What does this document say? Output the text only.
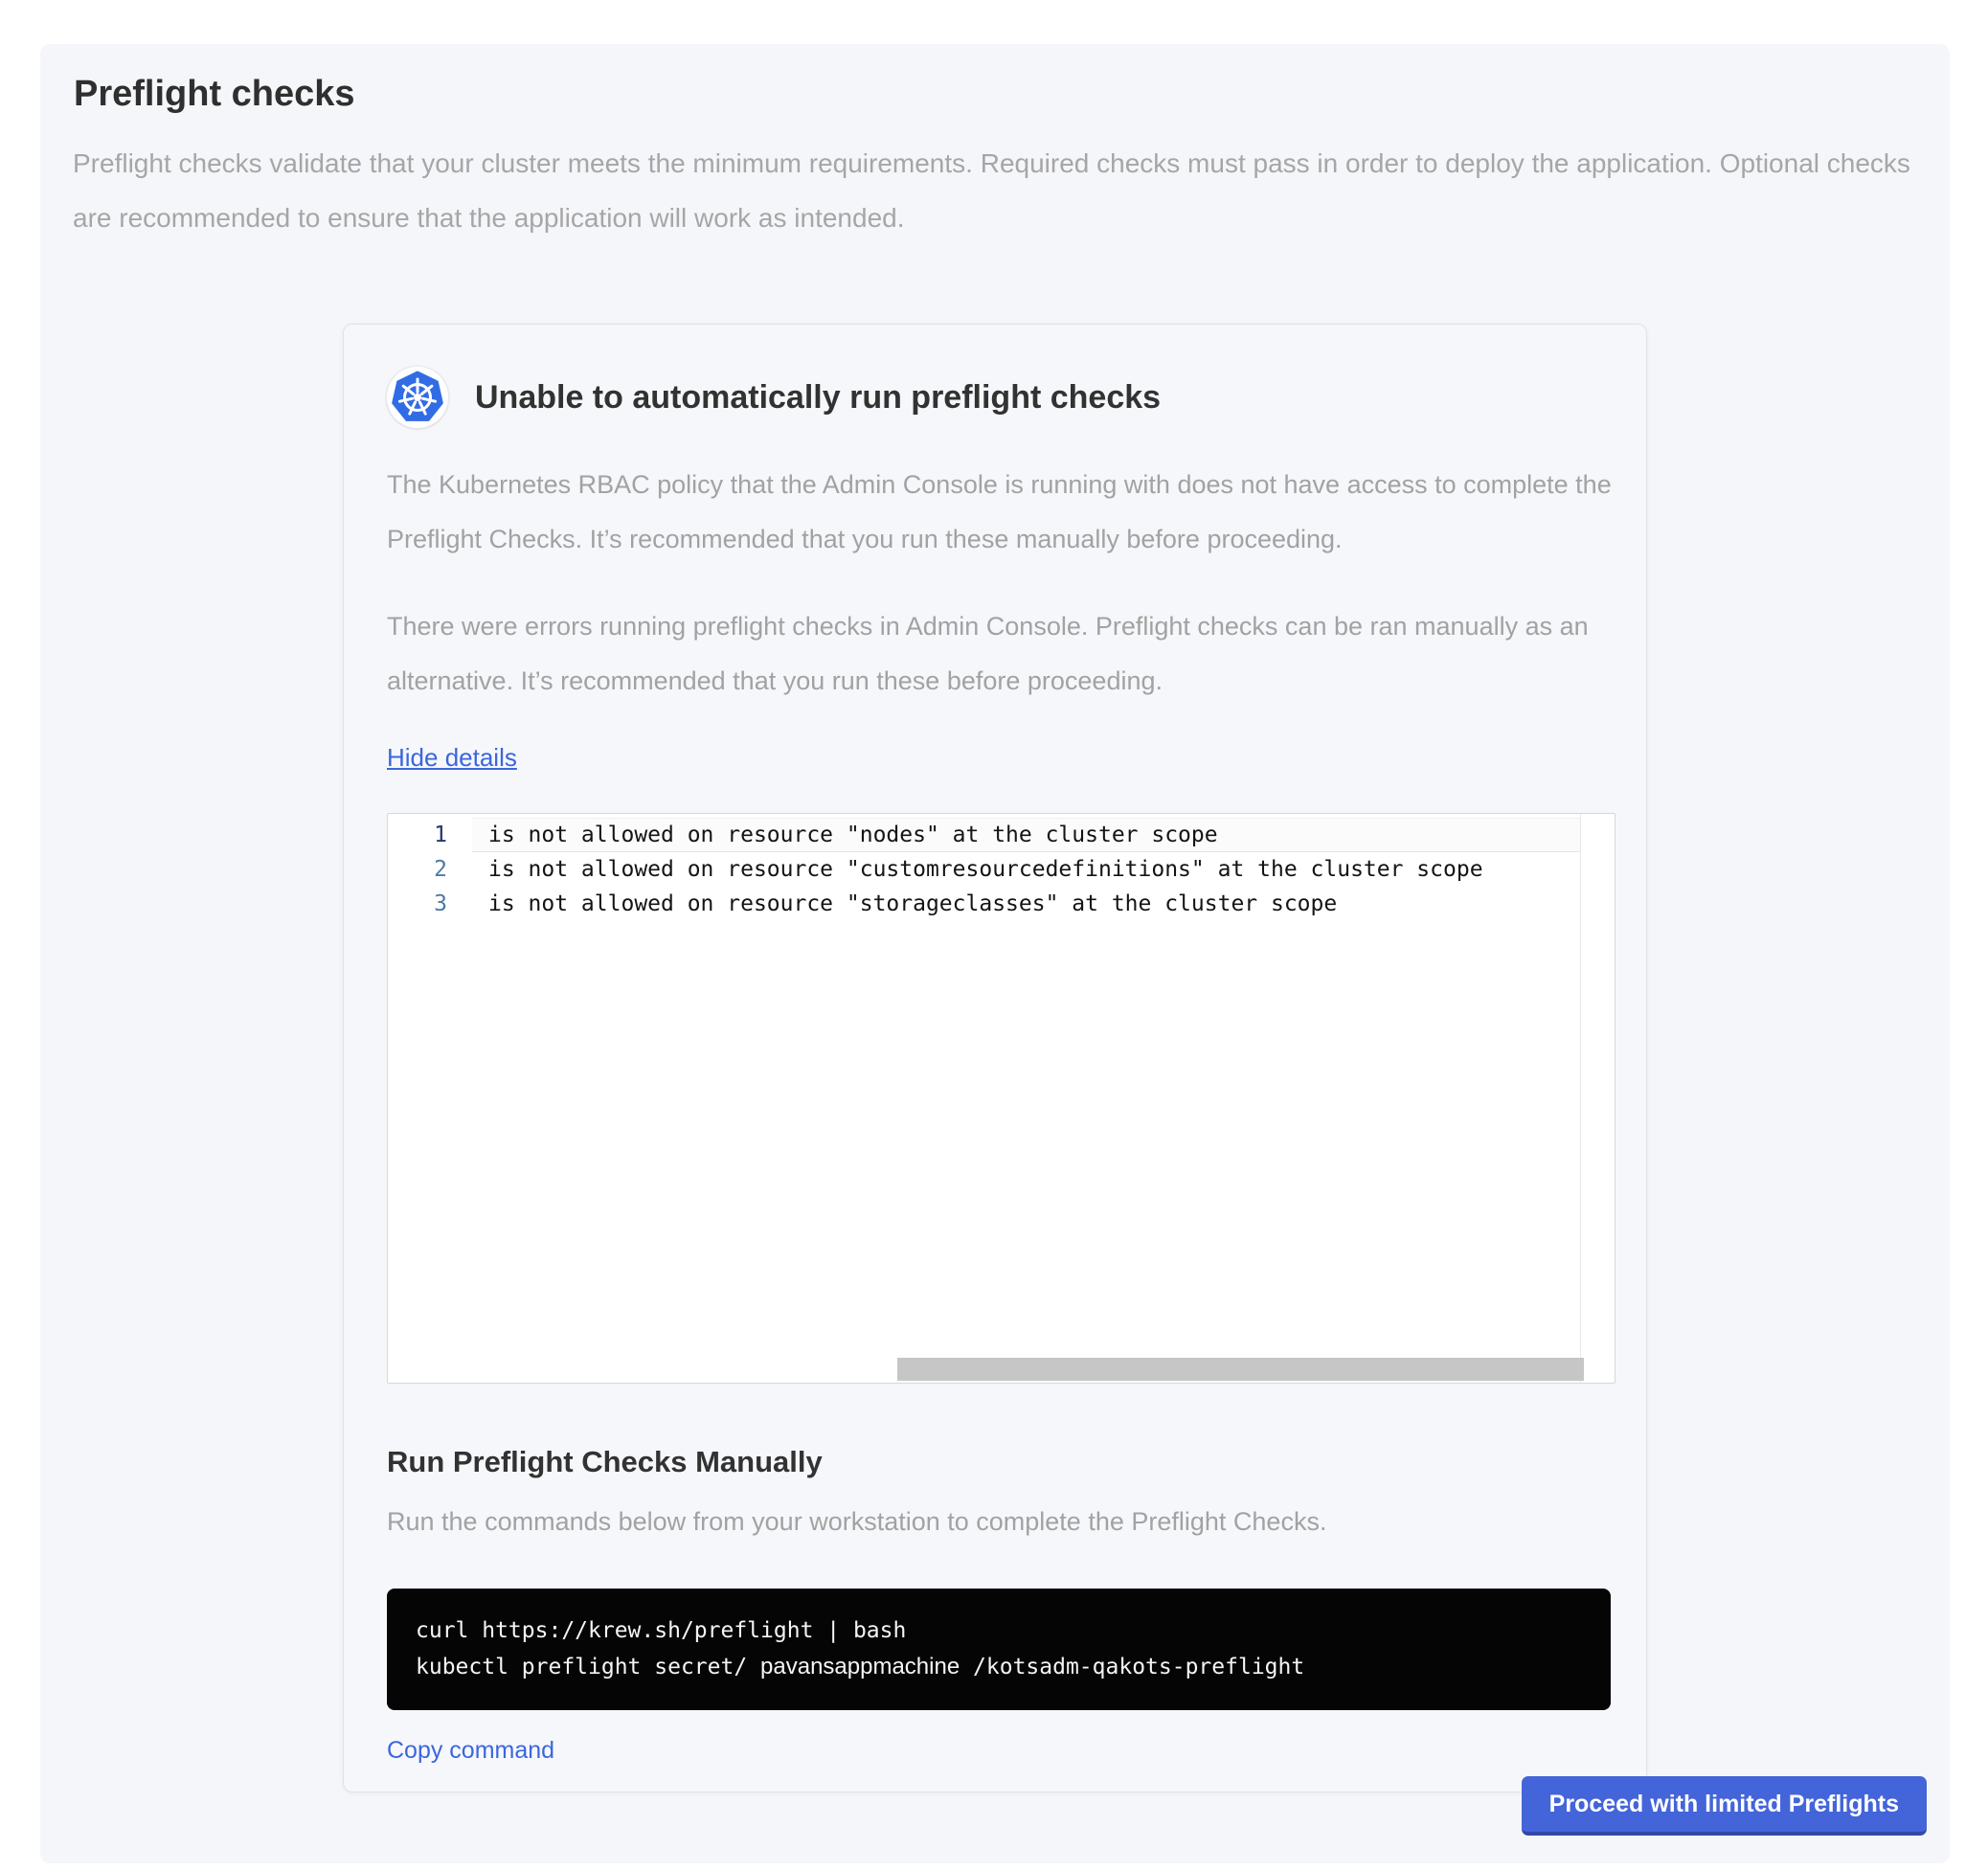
Preflight checks
Preflight checks validate that your cluster meets the minimum requirements. Required checks must pass in order to deploy the application. Optional checks are recommended to ensure that the application will work as intended.
Unable to automatically run preflight checks
The Kubernetes RBAC policy that the Admin Console is running with does not have access to complete the Preflight Checks. It’s recommended that you run these manually before proceeding.
There were errors running preflight checks in Admin Console. Preflight checks can be ran manually as an alternative. It’s recommended that you run these before proceeding.
Hide details
1	is not allowed on resource "nodes" at the cluster scope
2	is not allowed on resource "customresourcedefinitions" at the cluster scope
3	is not allowed on resource "storageclasses" at the cluster scope
Run Preflight Checks Manually
Run the commands below from your workstation to complete the Preflight Checks.
curl https://krew.sh/preflight | bash
kubectl preflight secret/ pavansappmachine /kotsadm-qakots-preflight
Copy command
Proceed with limited Preflights
